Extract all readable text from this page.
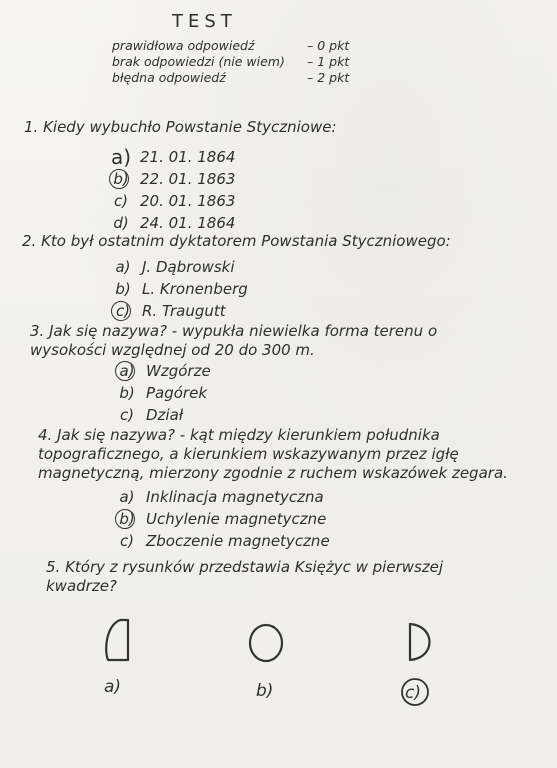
TEST
prawidłowa odpowiedź	– 0 pkt
brak odpowiedzi (nie wiem)	– 1 pkt
błędna odpowiedź	– 2 pkt
1. Kiedy wybuchło Powstanie Styczniowe:
a) 21. 01. 1864
b) 22. 01. 1863
c) 20. 01. 1863
d) 24. 01. 1864
2. Kto był ostatnim dyktatorem Powstania Styczniowego:
a) J. Dąbrowski
b) L. Kronenberg
c) R. Traugutt
3. Jak się nazywa? - wypukła niewielka forma terenu o wysokości względnej od 20 do 300 m.
a) Wzgórze
b) Pagórek
c) Dział
4. Jak się nazywa? - kąt między kierunkiem południka topograficznego, a kierunkiem wskazywanym przez igłę magnetyczną, mierzony zgodnie z ruchem wskazówek zegara.
a) Inklinacja magnetyczna
b) Uchylenie magnetyczne
c) Zboczenie magnetyczne
5. Który z rysunków przedstawia Księżyc w pierwszej kwadrze?
a)	b)	c)
